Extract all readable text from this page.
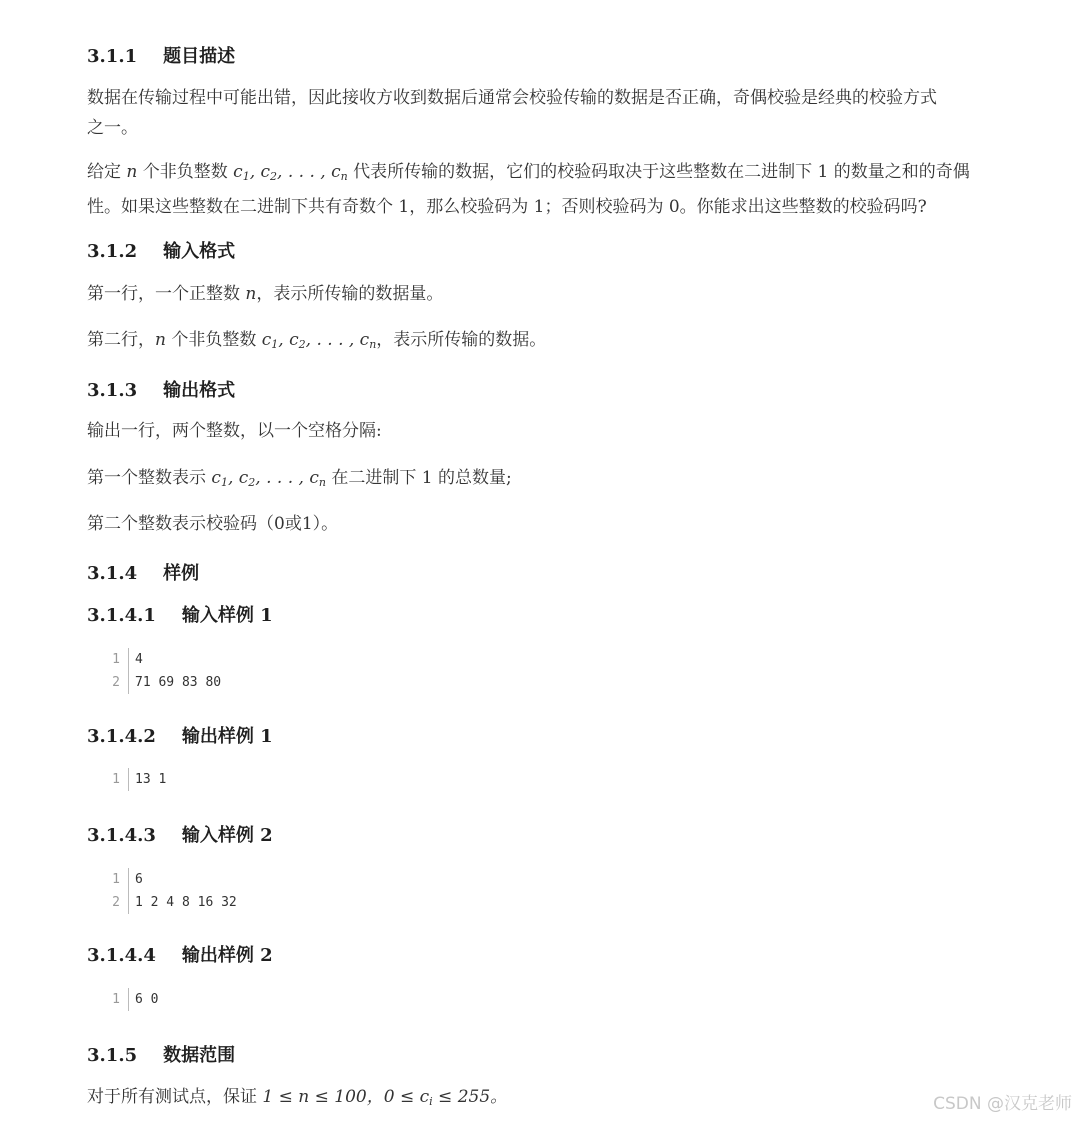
3.1.1 题目描述
数据在传输过程中可能出错，因此接收方收到数据后通常会校验传输的数据是否正确，奇偶校验是经典的校验方式
之一。
给定 n 个非负整数 $c_1$, $c_2$, . . . , $c_n$ 代表所传输的数据，它们的校验码取决于这些整数在二进制下 1 的数量之和的奇偶
性。如果这些整数在二进制下共有奇数个 1，那么校验码为 1；否则校验码为 0。你能求出这些整数的校验码吗?
3.1.2 输入格式
第一行，一个正整数 n，表示所传输的数据量。
第二行，n 个非负整数 $c_1$, $c_2$, . . . , $c_n$，表示所传输的数据。
3.1.3 输出格式
输出一行，两个整数，以一个空格分隔:
第一个整数表示 $c_1$, $c_2$, . . . , $c_n$ 在二进制下 1 的总数量;
第二个整数表示校验码（0或1）。
3.1.4 样例
3.1.4.1 输入样例 1
1	4
2	71 69 83 80
3.1.4.2 输出样例 1
1	13 1
3.1.4.3 输入样例 2
1	6
2	1 2 4 8 16 32
3.1.4.4 输出样例 2
1	6 0
3.1.5 数据范围
对于所有测试点，保证 1 ≤ n ≤ 100，$0 \le c_i \le 255$。	CSDN @汉克老师
